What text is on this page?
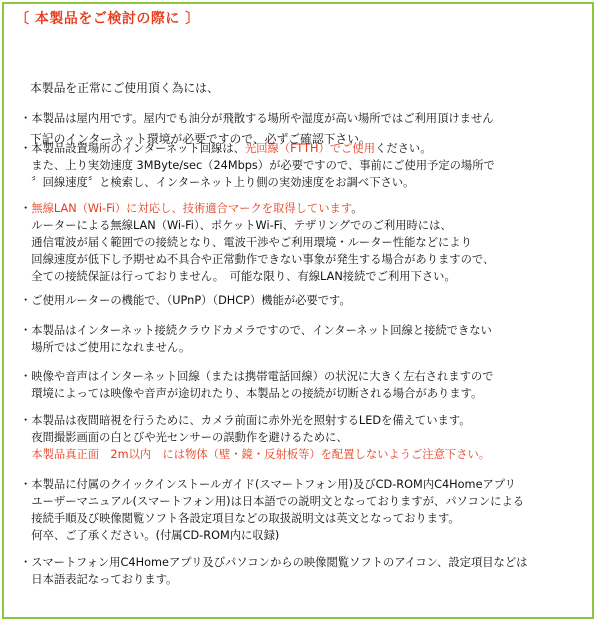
〔 本製品をご検討の際に 〕

本製品を正常にご使用頂く為には、

下記のインターネット環境が必要ですので、必ずご確認下さい。

・本製品は屋内用です。屋内でも油分が飛散する場所や湿度が高い場所ではご利用頂けません
・本製品設置場所のインターネット回線は、光回線（FTTH）でご使用ください。
　また、上り実効速度 3MByte/sec（24Mbps）が必要ですので、事前にご使用予定の場所で
　〞回線速度〞と検索し、インターネット上り側の実効速度をお調べ下さい。
・無線LAN（Wi-Fi）に対応し、技術適合マークを取得しています。
　ルーターによる無線LAN（Wi-Fi）、ポケットWi-Fi、テザリングでのご利用時には、
　通信電波が届く範囲での接続となり、電波干渉やご利用環境・ルーター性能などにより
　回線速度が低下し予期せぬ不具合や正常動作できない事象が発生する場合がありますので、
　全ての接続保証は行っておりません。　可能な限り、有線LAN接続でご利用下さい。
・ご使用ルーターの機能で、（UPnP）（DHCP）機能が必要です。
・本製品はインターネット接続クラウドカメラですので、インターネット回線と接続できない
　場所ではご使用になれません。
・映像や音声はインターネット回線（または携帯電話回線）の状況に大きく左右されますので
　環境によっては映像や音声が途切れたり、本製品との接続が切断される場合があります。
・本製品は夜間暗視を行うために、カメラ前面に赤外光を照射するLEDを備えています。
　夜間撮影画面の白とびや光センサーの誤動作を避けるために、
　本製品真正面　2m以内　には物体（壁・鏡・反射板等）を配置しないようご注意下さい。
・本製品に付属のクイックインストールガイド(スマートフォン用)及びCD-ROM内C4Homeアプリ
　ユーザーマニュアル(スマートフォン用)は日本語での説明文となっておりますが、パソコンによる
　接続手順及び映像閲覧ソフト各設定項目などの取扱説明文は英文となっております。
　何卒、ご了承ください。(付属CD-ROM内に収録)
・スマートフォン用C4Homeアプリ及びパソコンからの映像閲覧ソフトのアイコン、設定項目などは
　日本語表記なっております。
